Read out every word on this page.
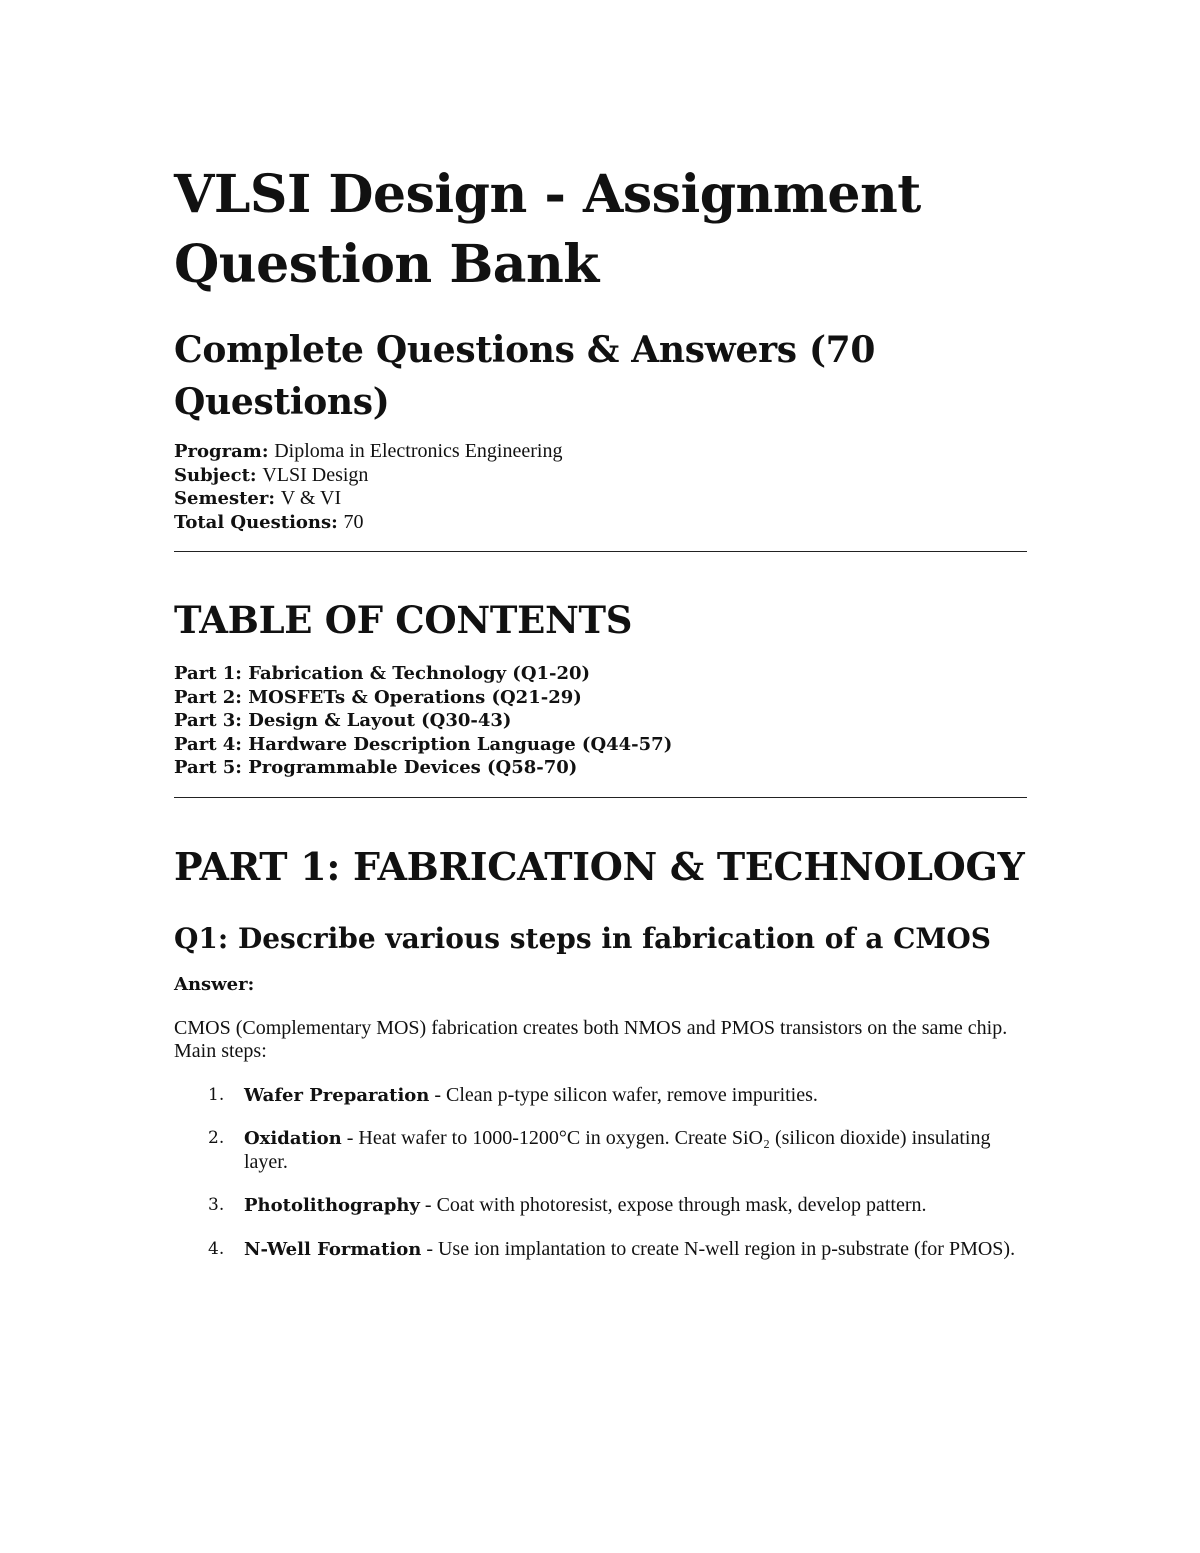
VLSI Design - Assignment Question Bank
Complete Questions & Answers (70 Questions)
Program: Diploma in Electronics Engineering
Subject: VLSI Design
Semester: V & VI
Total Questions: 70
TABLE OF CONTENTS
Part 1: Fabrication & Technology (Q1-20)
Part 2: MOSFETs & Operations (Q21-29)
Part 3: Design & Layout (Q30-43)
Part 4: Hardware Description Language (Q44-57)
Part 5: Programmable Devices (Q58-70)
PART 1: FABRICATION & TECHNOLOGY
Q1: Describe various steps in fabrication of a CMOS
Answer:

CMOS (Complementary MOS) fabrication creates both NMOS and PMOS transistors on the same chip. Main steps:

1. Wafer Preparation - Clean p-type silicon wafer, remove impurities.
2. Oxidation - Heat wafer to 1000-1200°C in oxygen. Create SiO₂ (silicon dioxide) insulating layer.
3. Photolithography - Coat with photoresist, expose through mask, develop pattern.
4. N-Well Formation - Use ion implantation to create N-well region in p-substrate (for PMOS).
